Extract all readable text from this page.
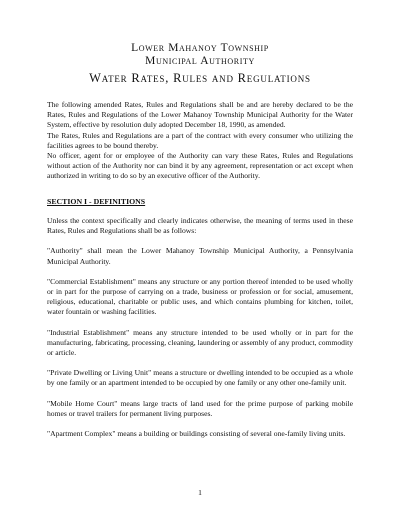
Lower Mahanoy Township
Municipal Authority
Water Rates, Rules and Regulations

The following amended Rates, Rules and Regulations shall be and are hereby declared to be the Rates, Rules and Regulations of the Lower Mahanoy Township Municipal Authority for the Water System, effective by resolution duly adopted December 18, 1990, as amended.

The Rates, Rules and Regulations are a part of the contract with every consumer who utilizing the facilities agrees to be bound thereby.

No officer, agent for or employee of the Authority can vary these Rates, Rules and Regulations without action of the Authority nor can bind it by any agreement, representation or act except when authorized in writing to do so by an executive officer of the Authority.

SECTION I - DEFINITIONS

Unless the context specifically and clearly indicates otherwise, the meaning of terms used in these Rates, Rules and Regulations shall be as follows:

"Authority" shall mean the Lower Mahanoy Township Municipal Authority, a Pennsylvania Municipal Authority.

"Commercial Establishment" means any structure or any portion thereof intended to be used wholly or in part for the purpose of carrying on a trade, business or profession or for social, amusement, religious, educational, charitable or public uses, and which contains plumbing for kitchen, toilet, water fountain or washing facilities.

"Industrial Establishment" means any structure intended to be used wholly or in part for the manufacturing, fabricating, processing, cleaning, laundering or assembly of any product, commodity or article.

"Private Dwelling or Living Unit" means a structure or dwelling intended to be occupied as a whole by one family or an apartment intended to be occupied by one family or any other one-family unit.

"Mobile Home Court" means large tracts of land used for the prime purpose of parking mobile homes or travel trailers for permanent living purposes.

"Apartment Complex" means a building or buildings consisting of several one-family living units.

1
